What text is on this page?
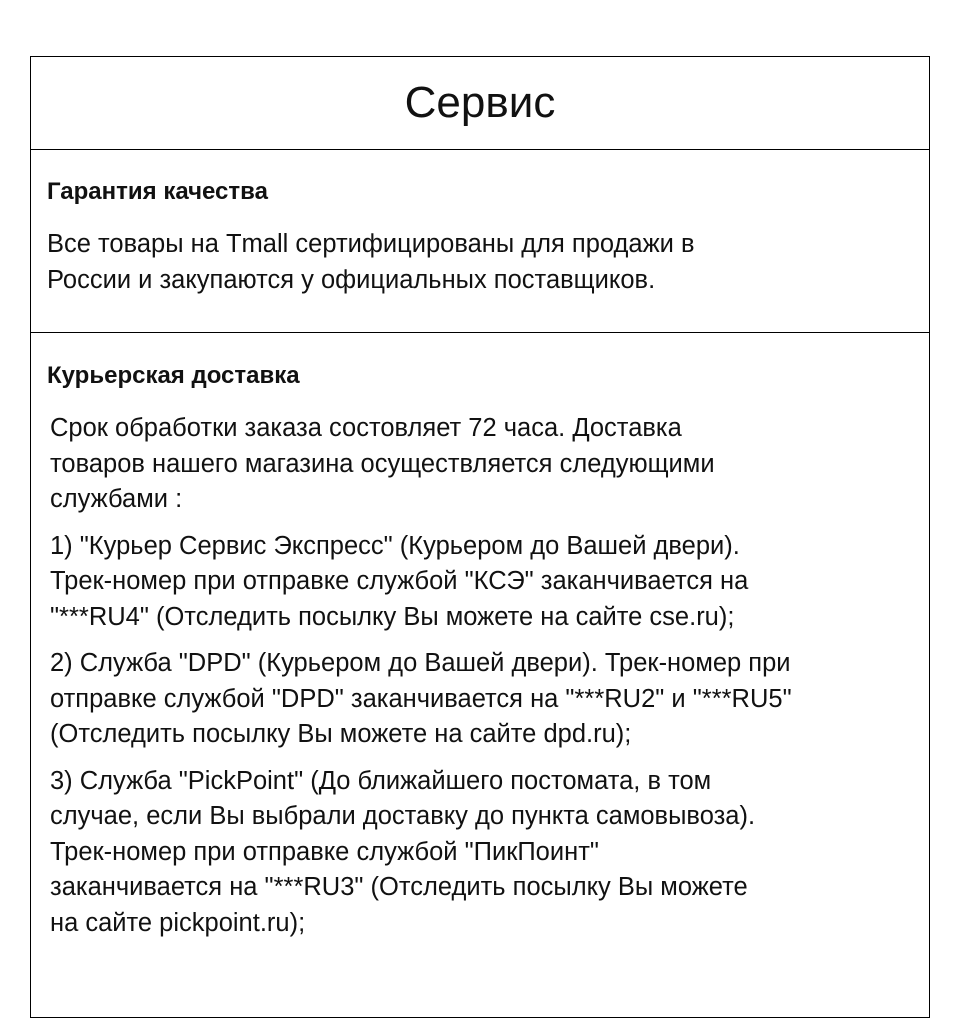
Сервис
Гарантия качества
Все товары на Tmall сертифицированы для продажи в
России и закупаются у официальных поставщиков.
Курьерская доставка
Срок обработки заказа состовляет 72 часа. Доставка
товаров нашего магазина осуществляется следующими
службами :
1) "Курьер Сервис Экспресс" (Курьером до Вашей двери).
Трек-номер при отправке службой "КСЭ" заканчивается на
"***RU4" (Отследить посылку Вы можете на сайте cse.ru);
2) Служба "DPD" (Курьером до Вашей двери). Трек-номер при
отправке службой "DPD" заканчивается на "***RU2" и "***RU5"
(Отследить посылку Вы можете на сайте dpd.ru);
3) Служба "PickPoint" (До ближайшего постомата, в том
случае, если Вы выбрали доставку до пункта самовывоза).
Трек-номер при отправке службой "ПикПоинт"
заканчивается на "***RU3" (Отследить посылку Вы можете
на сайте pickpoint.ru);
